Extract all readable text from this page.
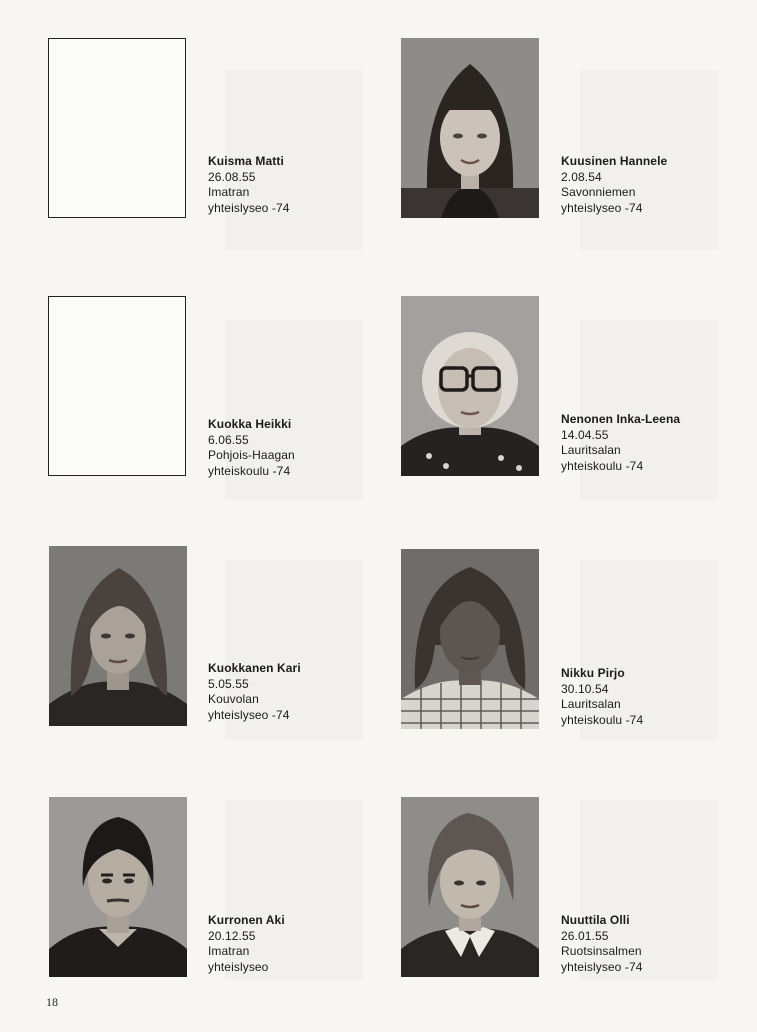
Kuisma Matti
26.08.55
Imatran
yhteislyseo -74
Kuusinen Hannele
2.08.54
Savonniemen
yhteislyseo -74
Kuokka Heikki
6.06.55
Pohjois-Haagan
yhteiskoulu -74
Nenonen Inka-Leena
14.04.55
Lauritsalan
yhteiskoulu -74
Kuokkanen Kari
5.05.55
Kouvolan
yhteislyseo -74
Nikku Pirjo
30.10.54
Lauritsalan
yhteiskoulu -74
Kurronen Aki
20.12.55
Imatran
yhteislyseo
Nuuttila Olli
26.01.55
Ruotsinsalmen
yhteislyseo -74
18
